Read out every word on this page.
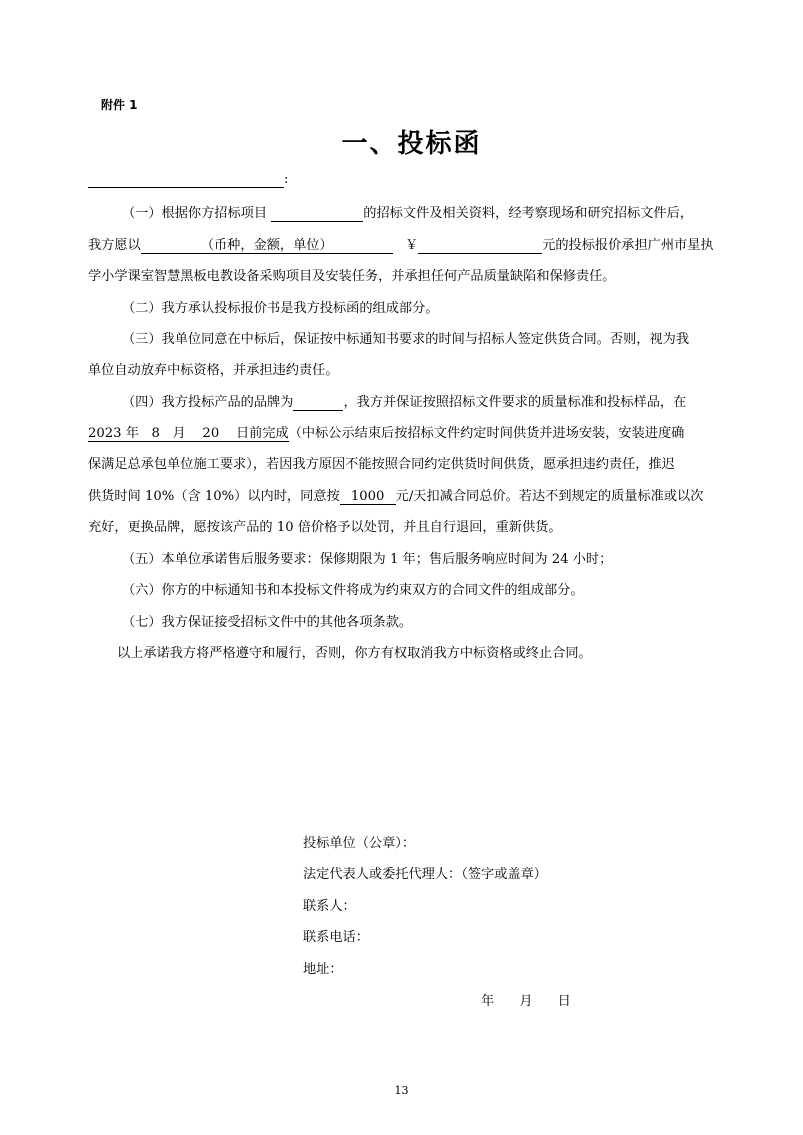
附件 1
一、投标函
:
（一）根据你方招标项目	的招标文件及相关资料，经考察现场和研究招标文件后，
我方愿以	（币种，金额，单位）	￥	元的投标报价承担广州市星执
学小学课室智慧黑板电教设备采购项目及安装任务，并承担任何产品质量缺陷和保修责任。
（二）我方承认投标报价书是我方投标函的组成部分。
（三）我单位同意在中标后，保证按中标通知书要求的时间与招标人签定供货合同。否则，视为我
单位自动放弃中标资格，并承担违约责任。
（四）我方投标产品的品牌为	，我方并保证按照招标文件要求的质量标准和投标样品，在
2023 年   8   月    20    日前完成（中标公示结束后按招标文件约定时间供货并进场安装，安装进度确
保满足总承包单位施工要求），若因我方原因不能按照合同约定供货时间供货，愿承担违约责任，推迟
供货时间 10%（含 10%）以内时，同意按 1000 元/天扣减合同总价。若达不到规定的质量标准或以次
充好，更换品牌，愿按该产品的 10 倍价格予以处罚，并且自行退回，重新供货。
（五）本单位承诺售后服务要求：保修期限为 1 年；售后服务响应时间为 24 小时；
（六）你方的中标通知书和本投标文件将成为约束双方的合同文件的组成部分。
（七）我方保证接受招标文件中的其他各项条款。
以上承诺我方将严格遵守和履行，否则，你方有权取消我方中标资格或终止合同。
投标单位（公章）：
法定代表人或委托代理人：（签字或盖章）
联系人：
联系电话：
地址：
年      月      日
13
